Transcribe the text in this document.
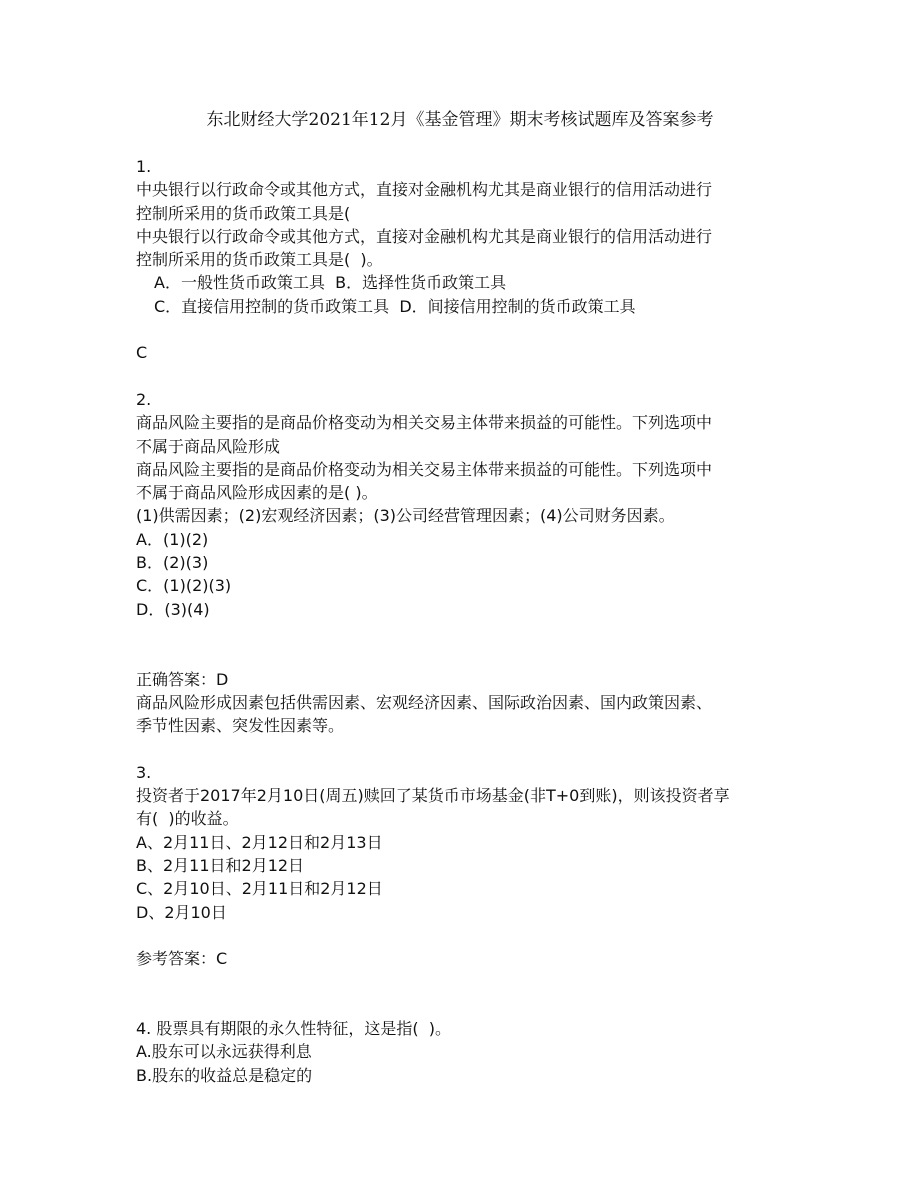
东北财经大学2021年12月《基金管理》期末考核试题库及答案参考
1.
中央银行以行政命令或其他方式，直接对金融机构尤其是商业银行的信用活动进行
控制所采用的货币政策工具是(
中央银行以行政命令或其他方式，直接对金融机构尤其是商业银行的信用活动进行
控制所采用的货币政策工具是(  )。
A．一般性货币政策工具  B．选择性货币政策工具
C．直接信用控制的货币政策工具  D．间接信用控制的货币政策工具
C
2.
商品风险主要指的是商品价格变动为相关交易主体带来损益的可能性。下列选项中
不属于商品风险形成
商品风险主要指的是商品价格变动为相关交易主体带来损益的可能性。下列选项中
不属于商品风险形成因素的是( )。
(1)供需因素；(2)宏观经济因素；(3)公司经营管理因素；(4)公司财务因素。
A．(1)(2)
B．(2)(3)
C．(1)(2)(3)
D．(3)(4)
正确答案：D
商品风险形成因素包括供需因素、宏观经济因素、国际政治因素、国内政策因素、
季节性因素、突发性因素等。
3.
投资者于2017年2月10日(周五)赎回了某货币市场基金(非T+0到账)，则该投资者享
有(  )的收益。
A、2月11日、2月12日和2月13日
B、2月11日和2月12日
C、2月10日、2月11日和2月12日
D、2月10日
参考答案：C
4. 股票具有期限的永久性特征，这是指(  )。
A.股东可以永远获得利息
B.股东的收益总是稳定的
